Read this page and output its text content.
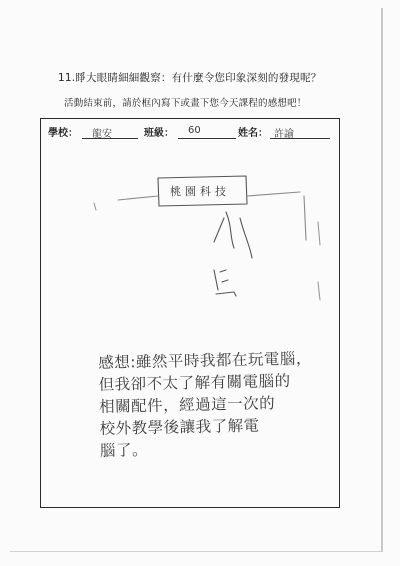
11.睜大眼睛細細觀察：有什麼令您印象深刻的發現呢？
活動結束前，請於框內寫下或畫下您今天課程的感想吧！
學校： 龍安	班級： 60	姓名： 許諭
桃園科技
感想:雖然平時我都在玩電腦，
但我卻不太了解有關電腦的
相關配件，經過這一次的
校外教學後讓我了解電
腦了。
